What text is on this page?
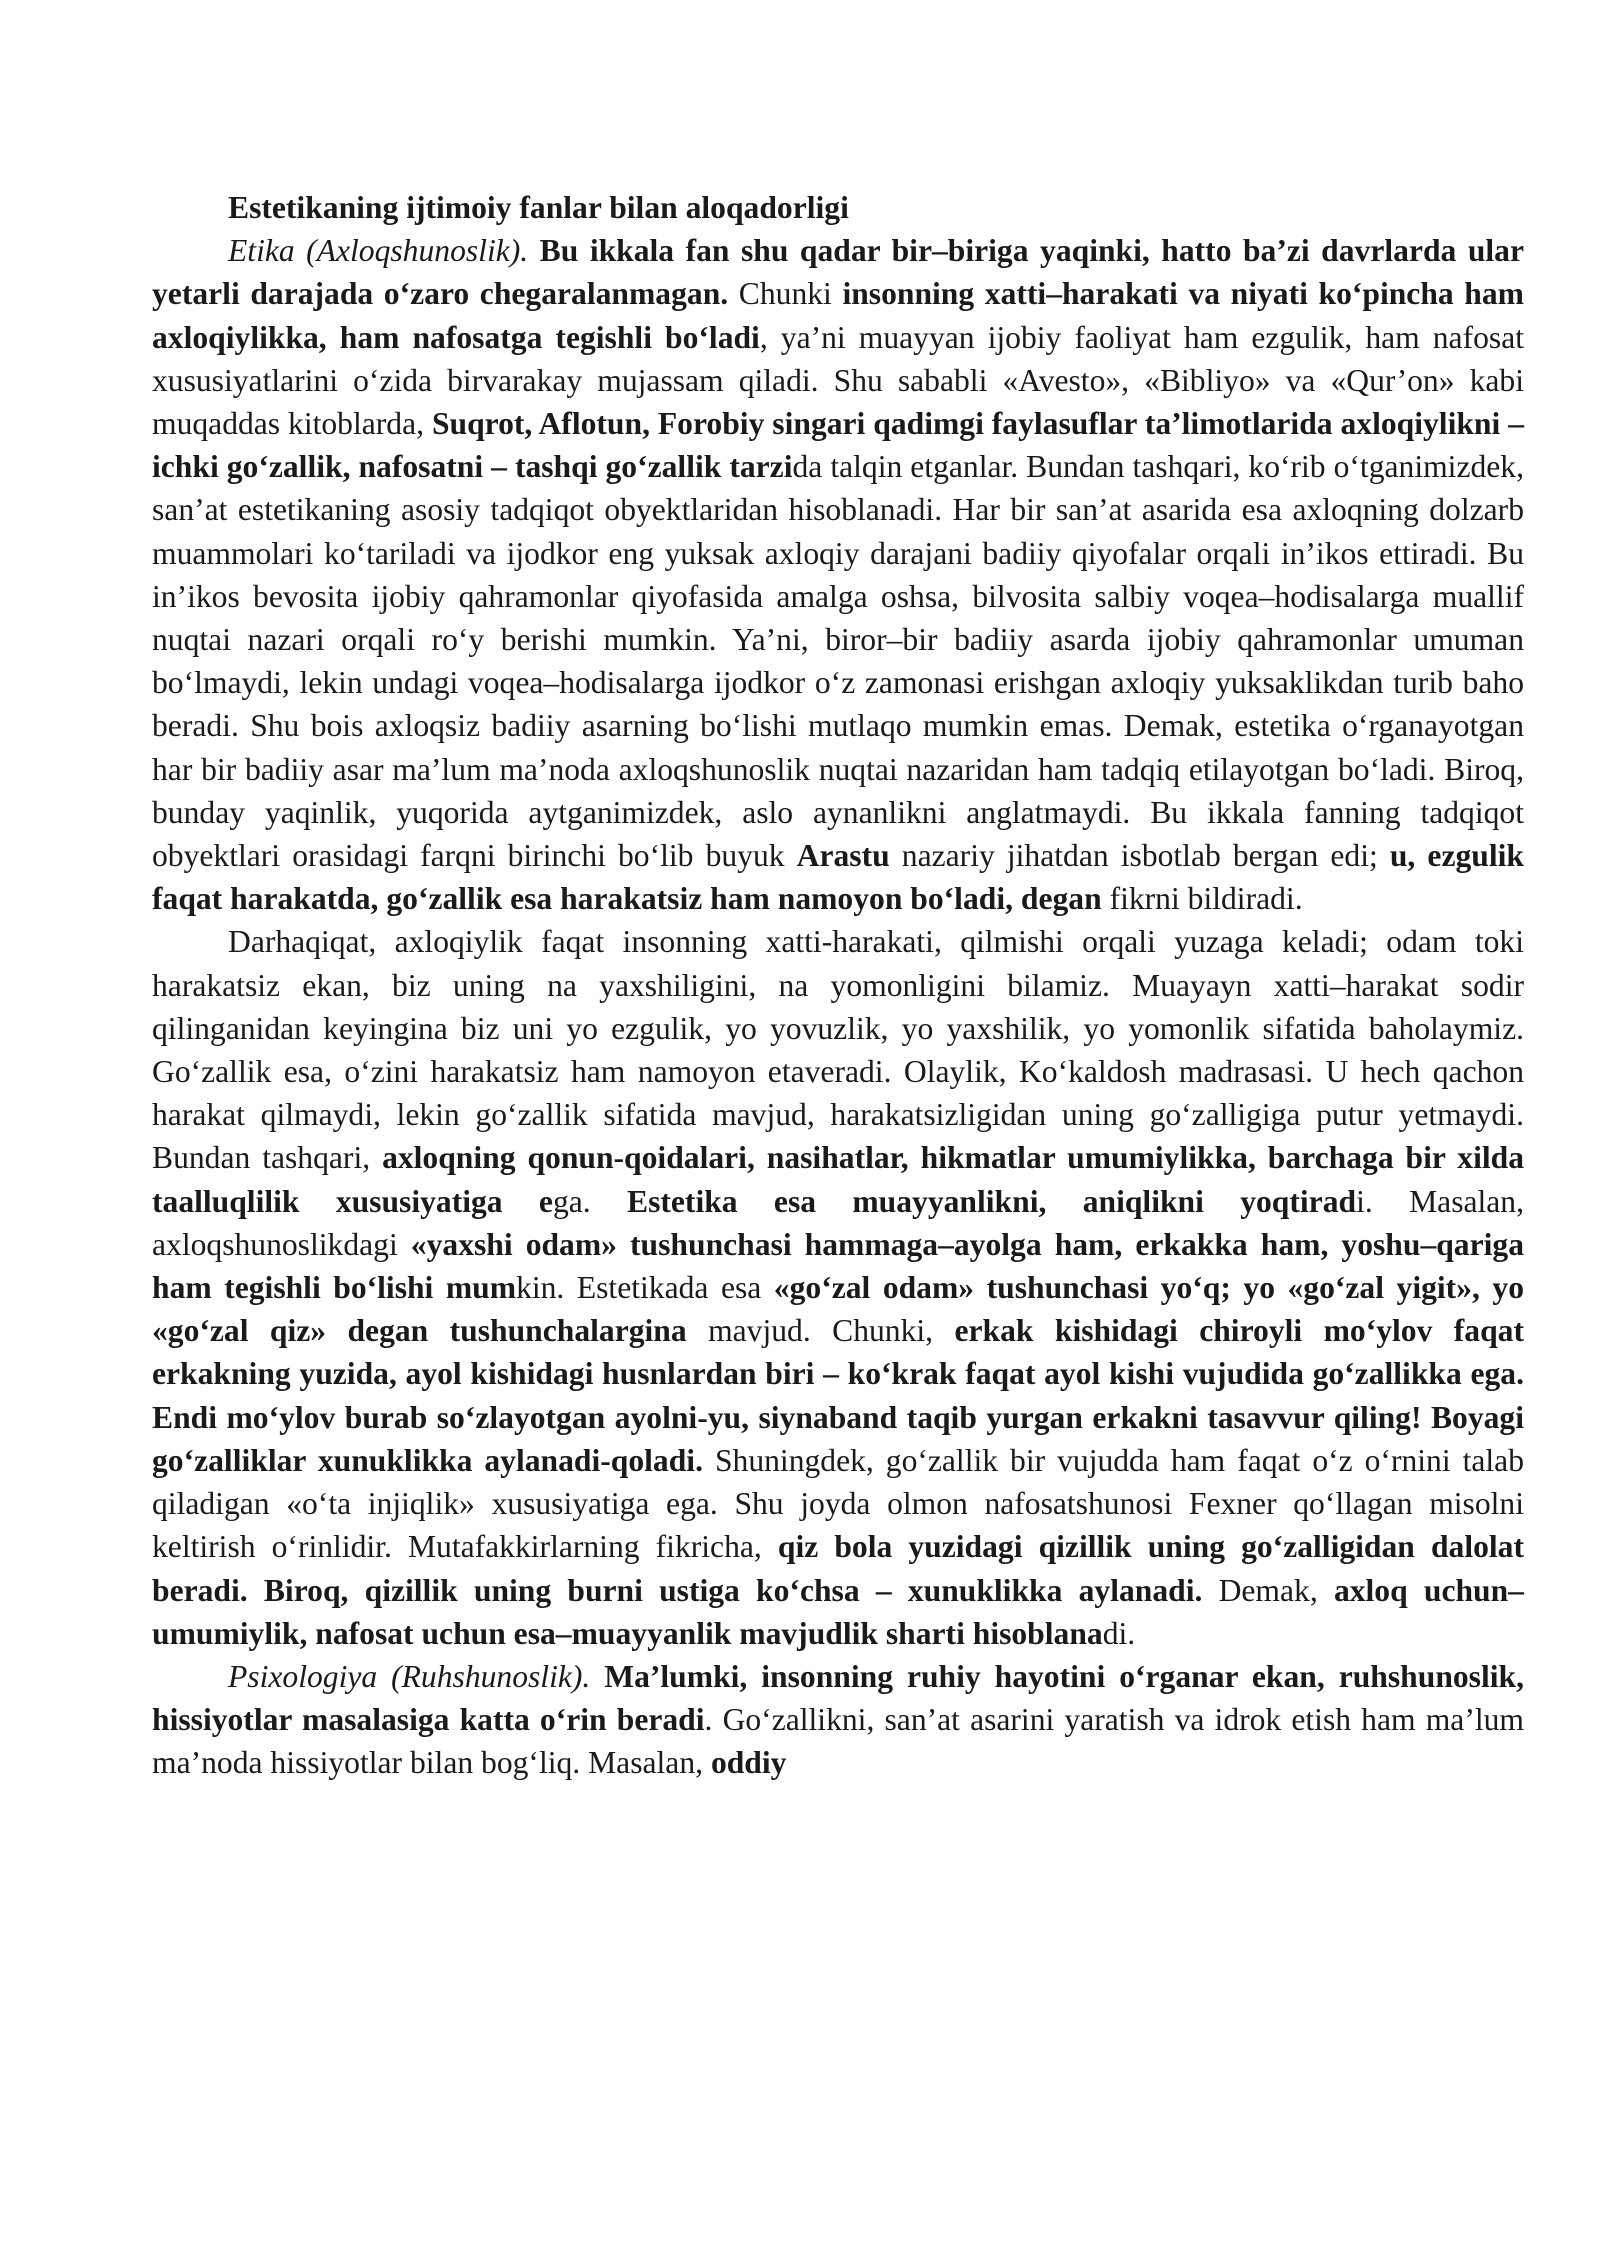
Estetikaning ijtimoiy fanlar bilan aloqadorligi

Etika (Axloqshunoslik). Bu ikkala fan shu qadar bir–biriga yaqinki, hatto ba’zi davrlarda ular yetarli darajada o‘zaro chegaralanmagan. Chunki insonning xatti–harakati va niyati ko‘pincha ham axloqiylikka, ham nafosatga tegishli bo‘ladi, ya’ni muayyan ijobiy faoliyat ham ezgulik, ham nafosat xususiyatlarini o‘zida birvarakay mujassam qiladi. Shu sababli «Avesto», «Bibliyo» va «Qur’on» kabi muqaddas kitoblarda, Suqrot, Aflotun, Forobiy singari qadimgi faylasuflar ta’limotlarida axloqiylikni – ichki go‘zallik, nafosatni – tashqi go‘zallik tarzida talqin etganlar. Bundan tashqari, ko‘rib o‘tganimizdek, san’at estetikaning asosiy tadqiqot obyektlaridan hisoblanadi. Har bir san’at asarida esa axloqning dolzarb muammolari ko‘tariladi va ijodkor eng yuksak axloqiy darajani badiiy qiyofalar orqali in’ikos ettiradi. Bu in’ikos bevosita ijobiy qahramonlar qiyofasida amalga oshsa, bilvosita salbiy voqea–hodisalarga muallif nuqtai nazari orqali ro‘y berishi mumkin. Ya’ni, biror–bir badiiy asarda ijobiy qahramonlar umuman bo‘lmaydi, lekin undagi voqea–hodisalarga ijodkor o‘z zamonasi erishgan axloqiy yuksaklikdan turib baho beradi. Shu bois axloqsiz badiiy asarning bo‘lishi mutlaqo mumkin emas. Demak, estetika o‘rganayotgan har bir badiiy asar ma’lum ma’noda axloqshunoslik nuqtai nazaridan ham tadqiq etilayotgan bo‘ladi. Biroq, bunday yaqinlik, yuqorida aytganimizdek, aslo aynanlikni anglatmaydi. Bu ikkala fanning tadqiqot obyektlari orasidagi farqni birinchi bo‘lib buyuk Arastu nazariy jihatdan isbotlab bergan edi; u, ezgulik faqat harakatda, go‘zallik esa harakatsiz ham namoyon bo‘ladi, degan fikrni bildiradi.

Darhaqiqat, axloqiylik faqat insonning xatti-harakati, qilmishi orqali yuzaga keladi; odam toki harakatsiz ekan, biz uning na yaxshiligini, na yomonligini bilamiz. Muayayn xatti–harakat sodir qilinganidan keyingina biz uni yo ezgulik, yo yovuzlik, yo yaxshilik, yo yomonlik sifatida baholaymiz. Go‘zallik esa, o‘zini harakatsiz ham namoyon etaveradi. Olaylik, Ko‘kaldosh madrasasi. U hech qachon harakat qilmaydi, lekin go‘zallik sifatida mavjud, harakatsizligidan uning go‘zalligiga putur yetmaydi. Bundan tashqari, axloqning qonun-qoidalari, nasihatlar, hikmatlar umumiylikka, barchaga bir xilda taalluqlilik xususiyatiga ega. Estetika esa muayyanlikni, aniqlikni yoqtiradi. Masalan, axloqshunoslikdagi «yaxshi odam» tushunchasi hammaga–ayolga ham, erkakka ham, yoshu–qariga ham tegishli bo‘lishi mumkin. Estetikada esa «go‘zal odam» tushunchasi yo‘q; yo «go‘zal yigit», yo «go‘zal qiz» degan tushunchalargina mavjud. Chunki, erkak kishidagi chiroyli mo‘ylov faqat erkakning yuzida, ayol kishidagi husnlardan biri – ko‘krak faqat ayol kishi vujudida go‘zallikka ega. Endi mo‘ylov burab so‘zlayotgan ayolni-yu, siynaband taqib yurgan erkakni tasavvur qiling! Boyagi go‘zalliklar xunuklikka aylanadi-qoladi. Shuningdek, go‘zallik bir vujudda ham faqat o‘z o‘rnini talab qiladigan «o‘ta injiqlik» xususiyatiga ega. Shu joyda olmon nafosatshunosi Fexner qo‘llagan misolni keltirish o‘rinlidir. Mutafakkirlarning fikricha, qiz bola yuzidagi qizillik uning go‘zalligidan dalolat beradi. Biroq, qizillik uning burni ustiga ko‘chsa – xunuklikka aylanadi. Demak, axloq uchun–umumiylik, nafosat uchun esa–muayyanlik mavjudlik sharti hisoblanadi.

Psixologiya (Ruhshunoslik). Ma’lumki, insonning ruhiy hayotini o‘rganar ekan, ruhshunoslik, hissiyotlar masalasiga katta o‘rin beradi. Go‘zallikni, san’at asarini yaratish va idrok etish ham ma’lum ma’noda hissiyotlar bilan bog‘liq. Masalan, oddiy
